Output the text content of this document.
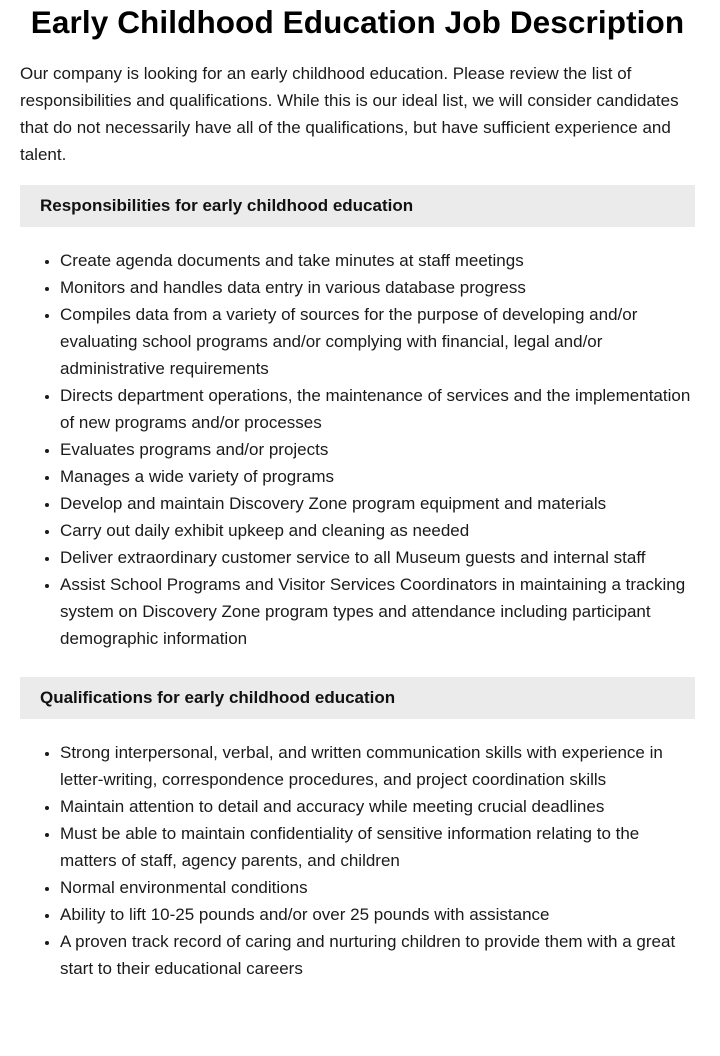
Early Childhood Education Job Description

Our company is looking for an early childhood education. Please review the list of responsibilities and qualifications. While this is our ideal list, we will consider candidates that do not necessarily have all of the qualifications, but have sufficient experience and talent.

Responsibilities for early childhood education
• Create agenda documents and take minutes at staff meetings
• Monitors and handles data entry in various database progress
• Compiles data from a variety of sources for the purpose of developing and/or evaluating school programs and/or complying with financial, legal and/or administrative requirements
• Directs department operations, the maintenance of services and the implementation of new programs and/or processes
• Evaluates programs and/or projects
• Manages a wide variety of programs
• Develop and maintain Discovery Zone program equipment and materials
• Carry out daily exhibit upkeep and cleaning as needed
• Deliver extraordinary customer service to all Museum guests and internal staff
• Assist School Programs and Visitor Services Coordinators in maintaining a tracking system on Discovery Zone program types and attendance including participant demographic information
Qualifications for early childhood education
• Strong interpersonal, verbal, and written communication skills with experience in letter-writing, correspondence procedures, and project coordination skills
• Maintain attention to detail and accuracy while meeting crucial deadlines
• Must be able to maintain confidentiality of sensitive information relating to the matters of staff, agency parents, and children
• Normal environmental conditions
• Ability to lift 10-25 pounds and/or over 25 pounds with assistance
• A proven track record of caring and nurturing children to provide them with a great start to their educational careers
